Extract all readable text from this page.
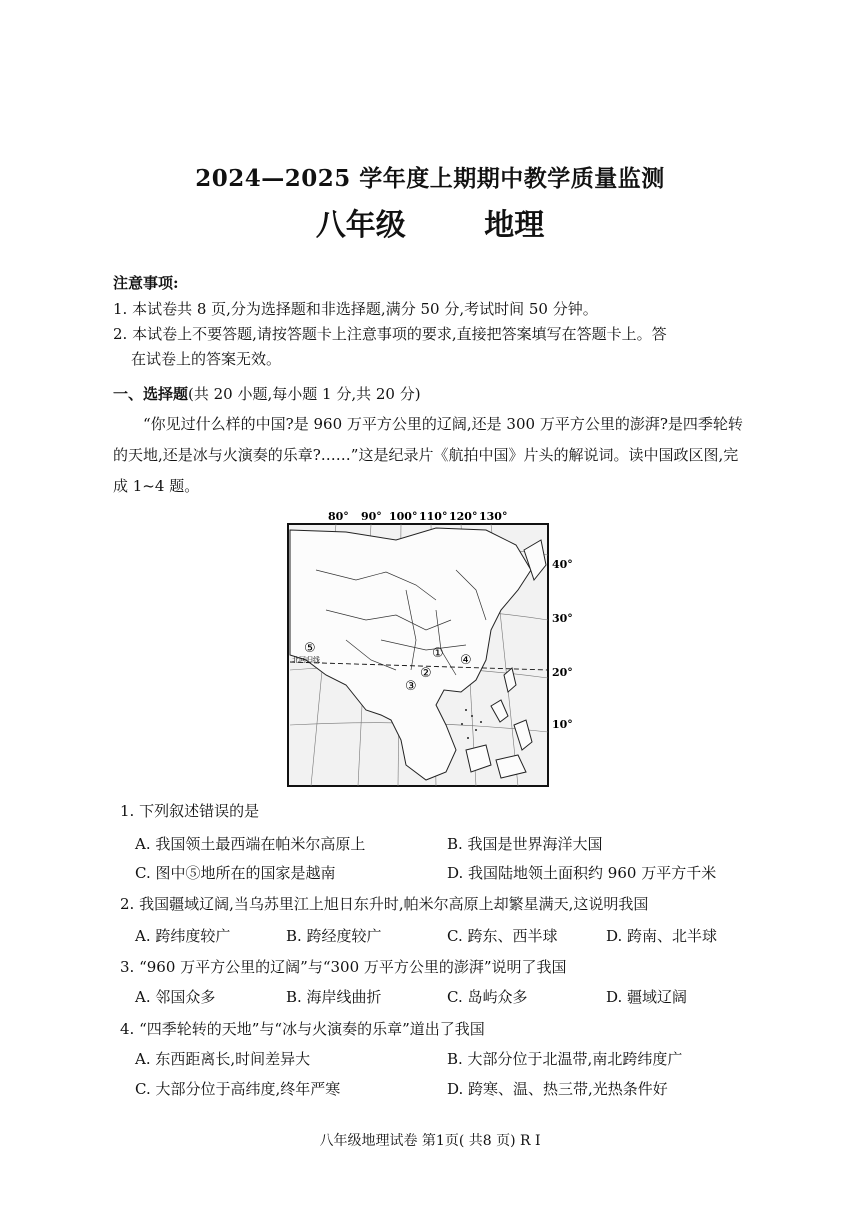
2024—2025 学年度上期期中教学质量监测
八年级	地理
注意事项:
1. 本试卷共 8 页,分为选择题和非选择题,满分 50 分,考试时间 50 分钟。
2. 本试卷上不要答题,请按答题卡上注意事项的要求,直接把答案填写在答题卡上。答
在试卷上的答案无效。
一、选择题(共 20 小题,每小题 1 分,共 20 分)
“你见过什么样的中国?是 960 万平方公里的辽阔,还是 300 万平方公里的澎湃?是四季轮转的天地,还是冰与火演奏的乐章?……”这是纪录片《航拍中国》片头的解说词。读中国政区图,完成 1~4 题。
80° 90° 100° 110° 120° 130°
北回归线
40°
30°
20°
10°
①
②
③
④
⑤
1. 下列叙述错误的是
A. 我国领土最西端在帕米尔高原上	B. 我国是世界海洋大国
C. 图中⑤地所在的国家是越南	D. 我国陆地领土面积约 960 万平方千米
2. 我国疆域辽阔,当乌苏里江上旭日东升时,帕米尔高原上却繁星满天,这说明我国
A. 跨纬度较广	B. 跨经度较广	C. 跨东、西半球	D. 跨南、北半球
3. “960 万平方公里的辽阔”与“300 万平方公里的澎湃”说明了我国
A. 邻国众多	B. 海岸线曲折	C. 岛屿众多	D. 疆域辽阔
4. “四季轮转的天地”与“冰与火演奏的乐章”道出了我国
A. 东西距离长,时间差异大	B. 大部分位于北温带,南北跨纬度广
C. 大部分位于高纬度,终年严寒	D. 跨寒、温、热三带,光热条件好
八年级地理试卷 第1页( 共8 页) R I
